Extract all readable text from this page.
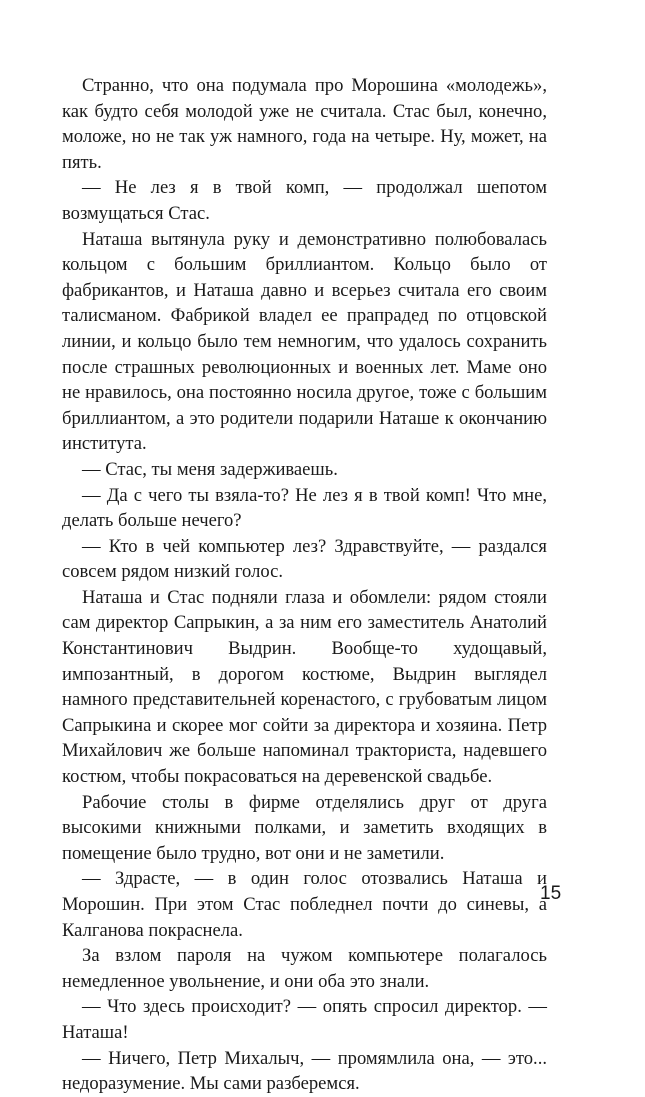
Странно, что она подумала про Морошина «молодежь», как будто себя молодой уже не считала. Стас был, конечно, моложе, но не так уж намного, года на четыре. Ну, может, на пять.

— Не лез я в твой комп, — продолжал шепотом возмущаться Стас.

Наташа вытянула руку и демонстративно полюбовалась кольцом с большим бриллиантом. Кольцо было от фабрикантов, и Наташа давно и всерьез считала его своим талисманом. Фабрикой владел ее прапрадед по отцовской линии, и кольцо было тем немногим, что удалось сохранить после страшных революционных и военных лет. Маме оно не нравилось, она постоянно носила другое, тоже с большим бриллиантом, а это родители подарили Наташе к окончанию института.

— Стас, ты меня задерживаешь.

— Да с чего ты взяла-то? Не лез я в твой комп! Что мне, делать больше нечего?

— Кто в чей компьютер лез? Здравствуйте, — раздался совсем рядом низкий голос.

Наташа и Стас подняли глаза и обомлели: рядом стояли сам директор Сапрыкин, а за ним его заместитель Анатолий Константинович Выдрин. Вообще-то худощавый, импозантный, в дорогом костюме, Выдрин выглядел намного представительней коренастого, с грубоватым лицом Сапрыкина и скорее мог сойти за директора и хозяина. Петр Михайлович же больше напоминал тракториста, надевшего костюм, чтобы покрасоваться на деревенской свадьбе.

Рабочие столы в фирме отделялись друг от друга высокими книжными полками, и заметить входящих в помещение было трудно, вот они и не заметили.

— Здрасте, — в один голос отозвались Наташа и Морошин. При этом Стас побледнел почти до синевы, а Калганова покраснела.

За взлом пароля на чужом компьютере полагалось немедленное увольнение, и они оба это знали.

— Что здесь происходит? — опять спросил директор. — Наташа!

— Ничего, Петр Михалыч, — промямлила она, — это... недоразумение. Мы сами разберемся.

15
